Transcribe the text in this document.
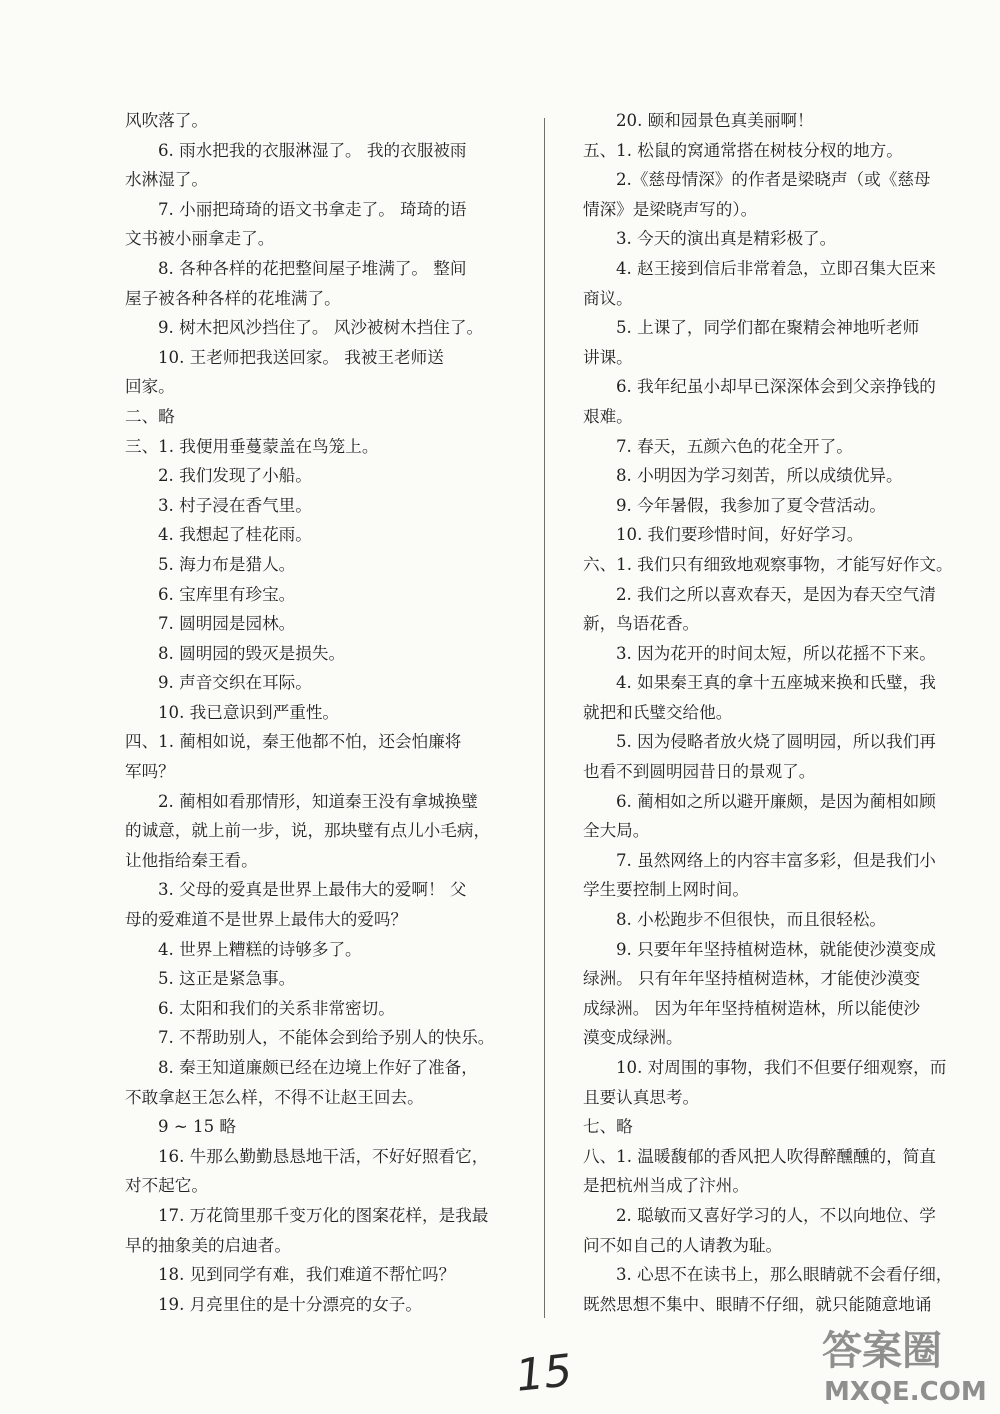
风吹落了。
6. 雨水把我的衣服淋湿了。 我的衣服被雨
水淋湿了。
7. 小丽把琦琦的语文书拿走了。 琦琦的语
文书被小丽拿走了。
8. 各种各样的花把整间屋子堆满了。 整间
屋子被各种各样的花堆满了。
9. 树木把风沙挡住了。 风沙被树木挡住了。
10. 王老师把我送回家。 我被王老师送
回家。
二、略
三、1. 我便用垂蔓蒙盖在鸟笼上。
2. 我们发现了小船。
3. 村子浸在香气里。
4. 我想起了桂花雨。
5. 海力布是猎人。
6. 宝库里有珍宝。
7. 圆明园是园林。
8. 圆明园的毁灭是损失。
9. 声音交织在耳际。
10. 我已意识到严重性。
四、1. 蔺相如说，秦王他都不怕，还会怕廉将
军吗？
2. 蔺相如看那情形，知道秦王没有拿城换璧
的诚意，就上前一步，说，那块璧有点儿小毛病，
让他指给秦王看。
3. 父母的爱真是世界上最伟大的爱啊！ 父
母的爱难道不是世界上最伟大的爱吗？
4. 世界上糟糕的诗够多了。
5. 这正是紧急事。
6. 太阳和我们的关系非常密切。
7. 不帮助别人，不能体会到给予别人的快乐。
8. 秦王知道廉颇已经在边境上作好了准备，
不敢拿赵王怎么样，不得不让赵王回去。
9 ~ 15 略
16. 牛那么勤勤恳恳地干活，不好好照看它，
对不起它。
17. 万花筒里那千变万化的图案花样，是我最
早的抽象美的启迪者。
18. 见到同学有难，我们难道不帮忙吗？
19. 月亮里住的是十分漂亮的女子。
20. 颐和园景色真美丽啊！
五、1. 松鼠的窝通常搭在树枝分杈的地方。
2.《慈母情深》的作者是梁晓声（或《慈母
情深》是梁晓声写的）。
3. 今天的演出真是精彩极了。
4. 赵王接到信后非常着急，立即召集大臣来
商议。
5. 上课了，同学们都在聚精会神地听老师
讲课。
6. 我年纪虽小却早已深深体会到父亲挣钱的
艰难。
7. 春天，五颜六色的花全开了。
8. 小明因为学习刻苦，所以成绩优异。
9. 今年暑假，我参加了夏令营活动。
10. 我们要珍惜时间，好好学习。
六、1. 我们只有细致地观察事物，才能写好作文。
2. 我们之所以喜欢春天，是因为春天空气清
新，鸟语花香。
3. 因为花开的时间太短，所以花摇不下来。
4. 如果秦王真的拿十五座城来换和氏璧，我
就把和氏璧交给他。
5. 因为侵略者放火烧了圆明园，所以我们再
也看不到圆明园昔日的景观了。
6. 蔺相如之所以避开廉颇，是因为蔺相如顾
全大局。
7. 虽然网络上的内容丰富多彩，但是我们小
学生要控制上网时间。
8. 小松跑步不但很快，而且很轻松。
9. 只要年年坚持植树造林，就能使沙漠变成
绿洲。 只有年年坚持植树造林，才能使沙漠变
成绿洲。 因为年年坚持植树造林，所以能使沙
漠变成绿洲。
10. 对周围的事物，我们不但要仔细观察，而
且要认真思考。
七、略
八、1. 温暖馥郁的香风把人吹得醉醺醺的，简直
是把杭州当成了汴州。
2. 聪敏而又喜好学习的人，不以向地位、学
问不如自己的人请教为耻。
3. 心思不在读书上，那么眼睛就不会看仔细，
既然思想不集中、眼睛不仔细，就只能随意地诵
15	答案圈
MXQE.COM
